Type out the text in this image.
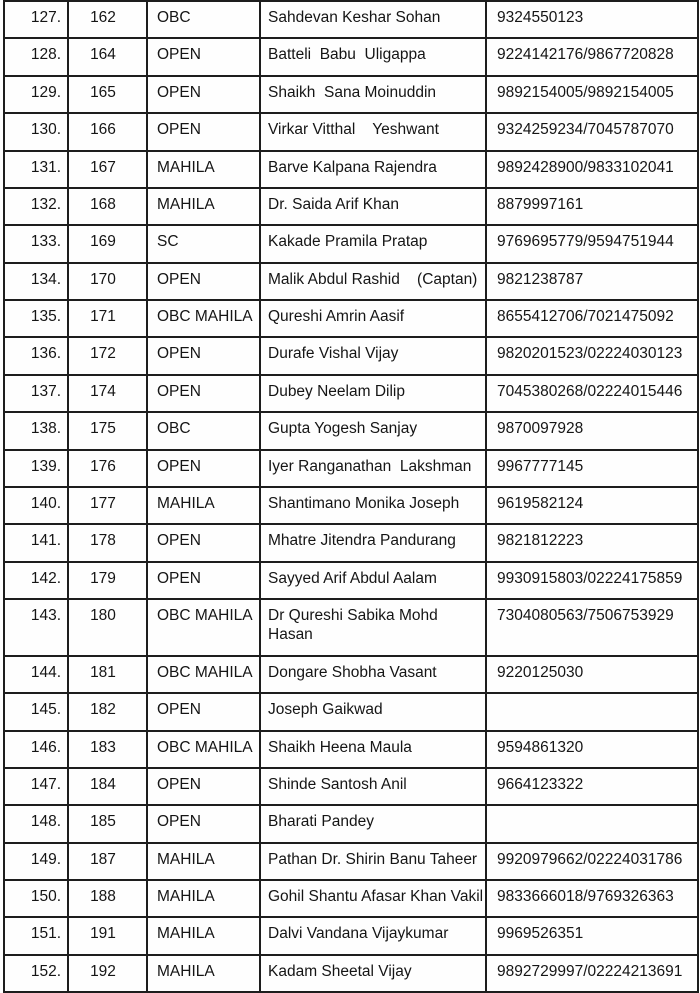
127.	162	OBC	Sahdevan Keshar Sohan	9324550123
128.	164	OPEN	Batteli  Babu  Uligappa	9224142176/9867720828
129.	165	OPEN	Shaikh  Sana Moinuddin	9892154005/9892154005
130.	166	OPEN	Virkar Vitthal    Yeshwant	9324259234/7045787070
131.	167	MAHILA	Barve Kalpana Rajendra	9892428900/9833102041
132.	168	MAHILA	Dr. Saida Arif Khan	8879997161
133.	169	SC	Kakade Pramila Pratap	9769695779/9594751944
134.	170	OPEN	Malik Abdul Rashid    (Captan)	9821238787
135.	171	OBC MAHILA	Qureshi Amrin Aasif	8655412706/7021475092
136.	172	OPEN	Durafe Vishal Vijay	9820201523/02224030123
137.	174	OPEN	Dubey Neelam Dilip	7045380268/02224015446
138.	175	OBC	Gupta Yogesh Sanjay	9870097928
139.	176	OPEN	Iyer Ranganathan  Lakshman	9967777145
140.	177	MAHILA	Shantimano Monika Joseph	9619582124
141.	178	OPEN	Mhatre Jitendra Pandurang	9821812223
142.	179	OPEN	Sayyed Arif Abdul Aalam	9930915803/02224175859
143.	180	OBC MAHILA	Dr Qureshi Sabika Mohd Hasan	7304080563/7506753929
144.	181	OBC MAHILA	Dongare Shobha Vasant	9220125030
145.	182	OPEN	Joseph Gaikwad	
146.	183	OBC MAHILA	Shaikh Heena Maula	9594861320
147.	184	OPEN	Shinde Santosh Anil	9664123322
148.	185	OPEN	Bharati Pandey	
149.	187	MAHILA	Pathan Dr. Shirin Banu Taheer	9920979662/02224031786
150.	188	MAHILA	Gohil Shantu Afasar Khan Vakil	9833666018/9769326363
151.	191	MAHILA	Dalvi Vandana Vijaykumar	9969526351
152.	192	MAHILA	Kadam Sheetal Vijay	9892729997/02224213691
